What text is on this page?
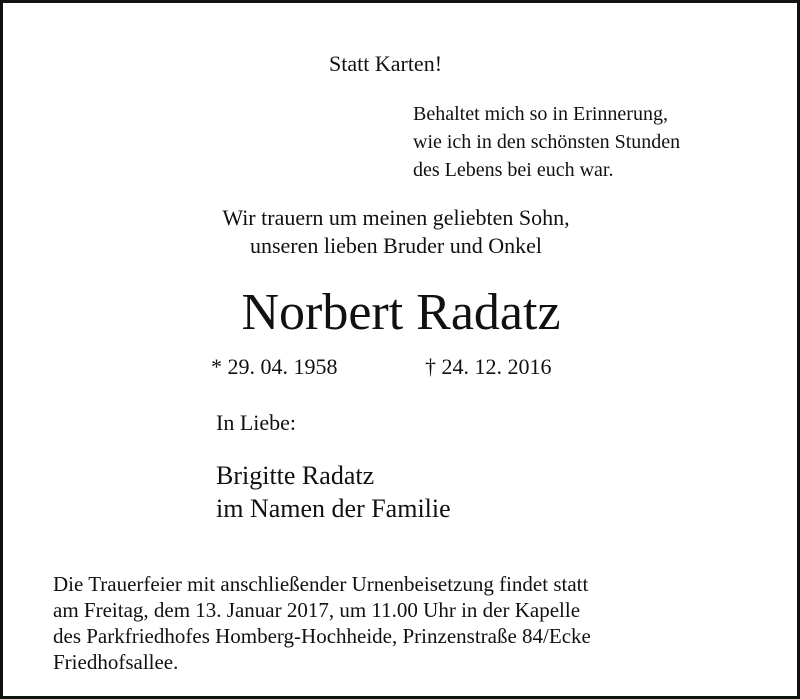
Statt Karten!

Behaltet mich so in Erinnerung,
wie ich in den schönsten Stunden
des Lebens bei euch war.

Wir trauern um meinen geliebten Sohn,
unseren lieben Bruder und Onkel

Norbert Radatz

* 29. 04. 1958	† 24. 12. 2016

In Liebe:

Brigitte Radatz
im Namen der Familie

Die Trauerfeier mit anschließender Urnenbeisetzung findet statt
am Freitag, dem 13. Januar 2017, um 11.00 Uhr in der Kapelle
des Parkfriedhofes Homberg-Hochheide, Prinzenstraße 84/Ecke
Friedhofsallee.
